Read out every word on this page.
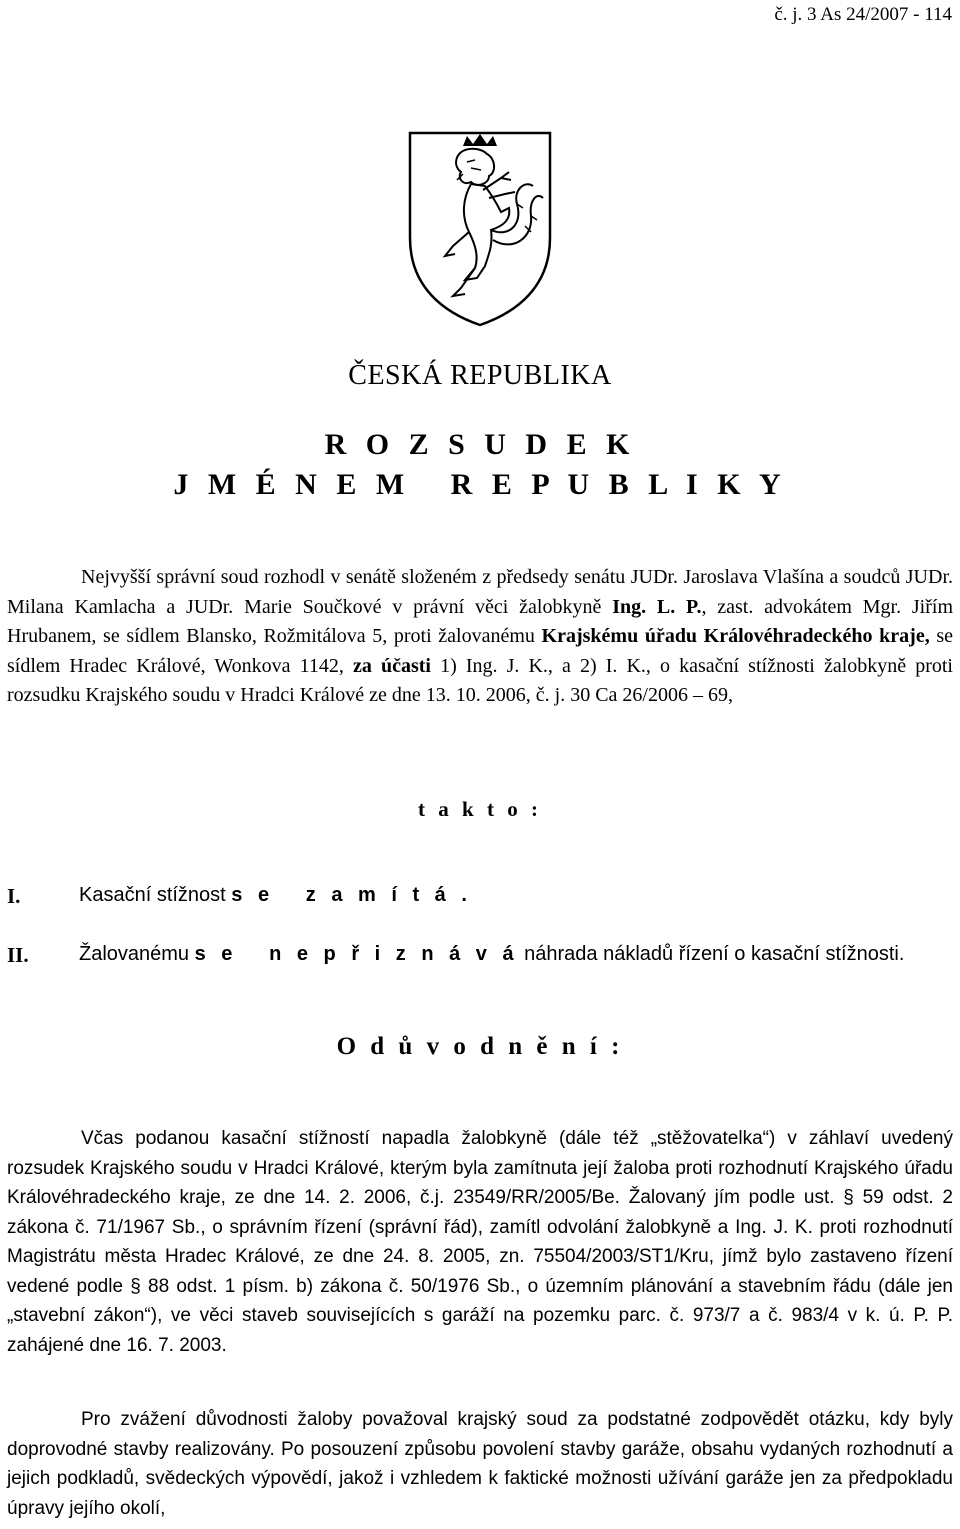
č. j. 3 As 24/2007 - 114
ČESKÁ REPUBLIKA
R O Z S U D E K
J M É N E M   R E P U B L I K Y
Nejvyšší správní soud rozhodl v senátě složeném z předsedy senátu JUDr. Jaroslava Vlašína a soudců JUDr. Milana Kamlacha a JUDr. Marie Součkové v právní věci žalobkyně Ing. L. P., zast. advokátem Mgr. Jiřím Hrubanem, se sídlem Blansko, Rožmitálova 5, proti žalovanému Krajskému úřadu Královéhradeckého kraje, se sídlem Hradec Králové, Wonkova 1142, za účasti 1) Ing. J. K., a 2) I. K., o kasační stížnosti žalobkyně proti rozsudku Krajského soudu v Hradci Králové ze dne 13. 10. 2006, č. j. 30 Ca 26/2006 – 69,
t a k t o :
I.	Kasační stížnost s e   z a m í t á .
II.	Žalovanému s e   n e p ř i z n á v á náhrada nákladů řízení o kasační stížnosti.
O d ů v o d n ě n í :
Včas podanou kasační stížností napadla žalobkyně (dále též „stěžovatelka“) v záhlaví uvedený rozsudek Krajského soudu v Hradci Králové, kterým byla zamítnuta její žaloba proti rozhodnutí Krajského úřadu Královéhradeckého kraje, ze dne 14. 2. 2006, č.j. 23549/RR/2005/Be. Žalovaný jím podle ust. § 59 odst. 2 zákona č. 71/1967 Sb., o správním řízení (správní řád), zamítl odvolání žalobkyně a Ing. J. K. proti rozhodnutí Magistrátu města Hradec Králové, ze dne 24. 8. 2005, zn. 75504/2003/ST1/Kru, jímž bylo zastaveno řízení vedené podle § 88 odst. 1 písm. b) zákona č. 50/1976 Sb., o územním plánování a stavebním řádu (dále jen „stavební zákon“), ve věci staveb souvisejících s garáží na pozemku parc. č. 973/7 a č. 983/4 v k. ú. P. P. zahájené dne 16. 7. 2003.
Pro zvážení důvodnosti žaloby považoval krajský soud za podstatné zodpovědět otázku, kdy byly doprovodné stavby realizovány. Po posouzení způsobu povolení stavby garáže, obsahu vydaných rozhodnutí a jejich podkladů, svědeckých výpovědí, jakož i vzhledem k faktické možnosti užívání garáže jen za předpokladu úpravy jejího okolí,
